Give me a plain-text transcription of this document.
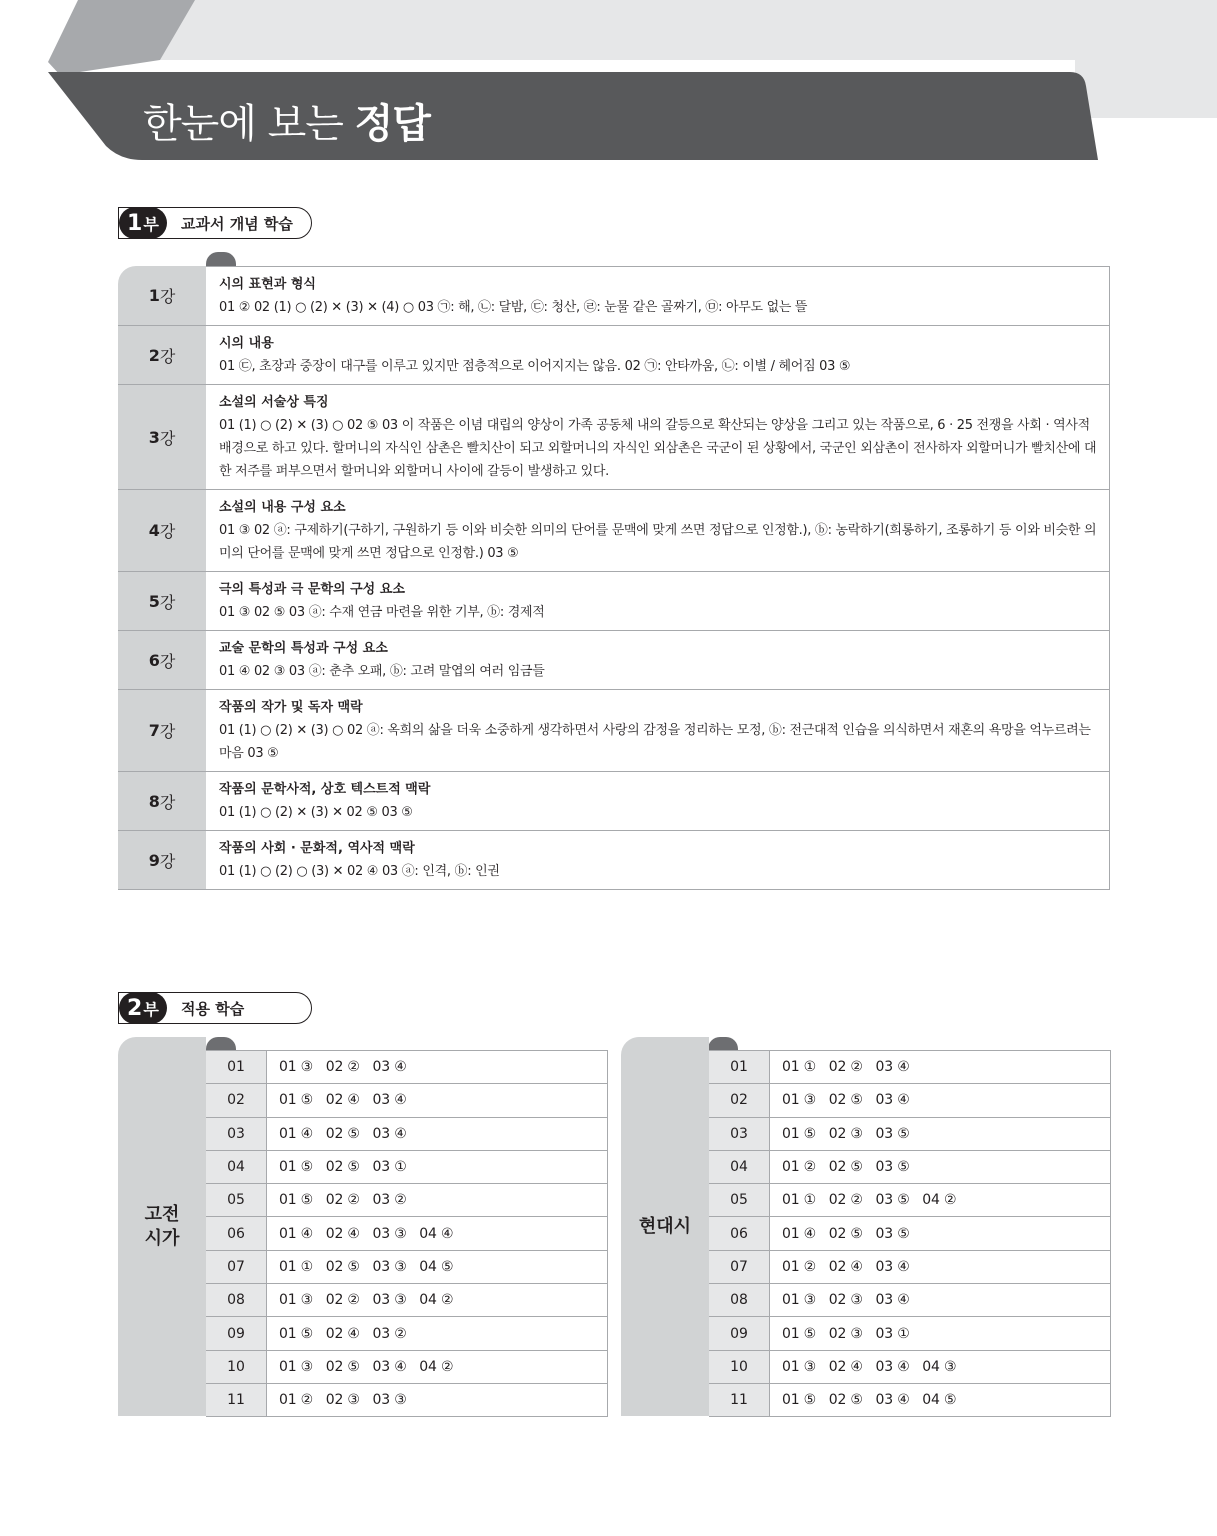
한눈에 보는 정답
1 부 교과서 개념 학습
1 강
시의 표현과 형식
01 ② 02 (1) ○ (2) ✕ (3) ✕ (4) ○ 03 ㉠: 해, ㉡: 달밤, ㉢: 청산, ㉣: 눈물 같은 골짜기, ㉤: 아무도 없는 뜰
2 강
시의 내용
01 ㉢, 초장과 중장이 대구를 이루고 있지만 점층적으로 이어지지는 않음. 02 ㉠: 안타까움, ㉡: 이별 / 헤어짐 03 ⑤
3 강
소설의 서술상 특징
01 (1) ○ (2) ✕ (3) ○ 02 ⑤ 03 이 작품은 이념 대립의 양상이 가족 공동체 내의 갈등으로 확산되는 양상을 그리고 있는 작품으로, 6 · 25 전쟁을 사회 · 역사적 배경으로 하고 있다. 할머니의 자식인 삼촌은 빨치산이 되고 외할머니의 자식인 외삼촌은 국군이 된 상황에서, 국군인 외삼촌이 전사하자 외할머니가 빨치산에 대한 저주를 퍼부으면서 할머니와 외할머니 사이에 갈등이 발생하고 있다.
4 강
소설의 내용 구성 요소
01 ③ 02 ⓐ: 구제하기(구하기, 구원하기 등 이와 비슷한 의미의 단어를 문맥에 맞게 쓰면 정답으로 인정함.), ⓑ: 농락하기(희롱하기, 조롱하기 등 이와 비슷한 의미의 단어를 문맥에 맞게 쓰면 정답으로 인정함.) 03 ⑤
5 강
극의 특성과 극 문학의 구성 요소
01 ③ 02 ⑤ 03 ⓐ: 수재 연금 마련을 위한 기부, ⓑ: 경제적
6 강
교술 문학의 특성과 구성 요소
01 ④ 02 ③ 03 ⓐ: 춘추 오패, ⓑ: 고려 말엽의 여러 임금들
7 강
작품의 작가 및 독자 맥락
01 (1) ○ (2) ✕ (3) ○ 02 ⓐ: 옥희의 삶을 더욱 소중하게 생각하면서 사랑의 감정을 정리하는 모정, ⓑ: 전근대적 인습을 의식하면서 재혼의 욕망을 억누르려는 마음 03 ⑤
8 강
작품의 문학사적, 상호 텍스트적 맥락
01 (1) ○ (2) ✕ (3) ✕ 02 ⑤ 03 ⑤
9 강
작품의 사회 · 문화적, 역사적 맥락
01 (1) ○ (2) ○ (3) ✕ 02 ④ 03 ⓐ: 인격, ⓑ: 인권
2 부 적용 학습
고전
시가
01	01 ③   02 ②   03 ④
02	01 ⑤   02 ④   03 ④
03	01 ④   02 ⑤   03 ④
04	01 ⑤   02 ⑤   03 ①
05	01 ⑤   02 ②   03 ②
06	01 ④   02 ④   03 ③   04 ④
07	01 ①   02 ⑤   03 ③   04 ⑤
08	01 ③   02 ②   03 ③   04 ②
09	01 ⑤   02 ④   03 ②
10	01 ③   02 ⑤   03 ④   04 ②
11	01 ②   02 ③   03 ③
현대시
01	01 ①   02 ②   03 ④
02	01 ③   02 ⑤   03 ④
03	01 ⑤   02 ③   03 ⑤
04	01 ②   02 ⑤   03 ⑤
05	01 ①   02 ②   03 ⑤   04 ②
06	01 ④   02 ⑤   03 ⑤
07	01 ②   02 ④   03 ④
08	01 ③   02 ③   03 ④
09	01 ⑤   02 ③   03 ①
10	01 ③   02 ④   03 ④   04 ③
11	01 ⑤   02 ⑤   03 ④   04 ⑤
